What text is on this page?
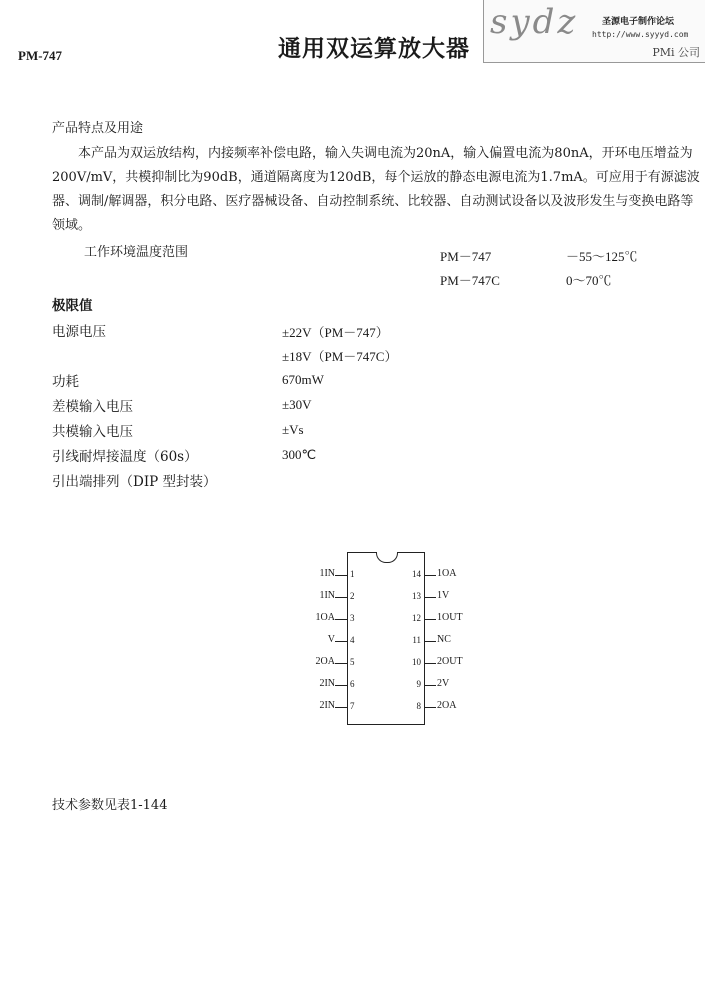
PM-747	通用双运算放大器
sydz	圣源电子制作论坛
http://www.syyyd.com
PMi 公司
产品特点及用途
本产品为双运放结构，内接频率补偿电路，输入失调电流为20nA，输入偏置电流为80nA，开环电压增益为200V/mV，共模抑制比为90dB，通道隔离度为120dB，每个运放的静态电源电流为1.7mA。可应用于有源滤波器、调制/解调器，积分电路、医疗器械设备、自动控制系统、比较器、自动测试设备以及波形发生与变换电路等领域。
工作环境温度范围	PM－747	－55～125℃
PM－747C	0～70℃
极限值
电源电压	±22V（PM－747）
±18V（PM－747C）
功耗	670mW
差模输入电压	±30V
共模输入电压	±Vs
引线耐焊接温度（60s）	300℃
引出端排列（DIP 型封装）
1IN 1
1IN 2
1OA 3
V 4
2OA 5
2IN 6
2IN 7
14 1OA
13 1V
12 1OUT
11 NC
10 2OUT
9 2V
8 2OA
技术参数见表1-144
